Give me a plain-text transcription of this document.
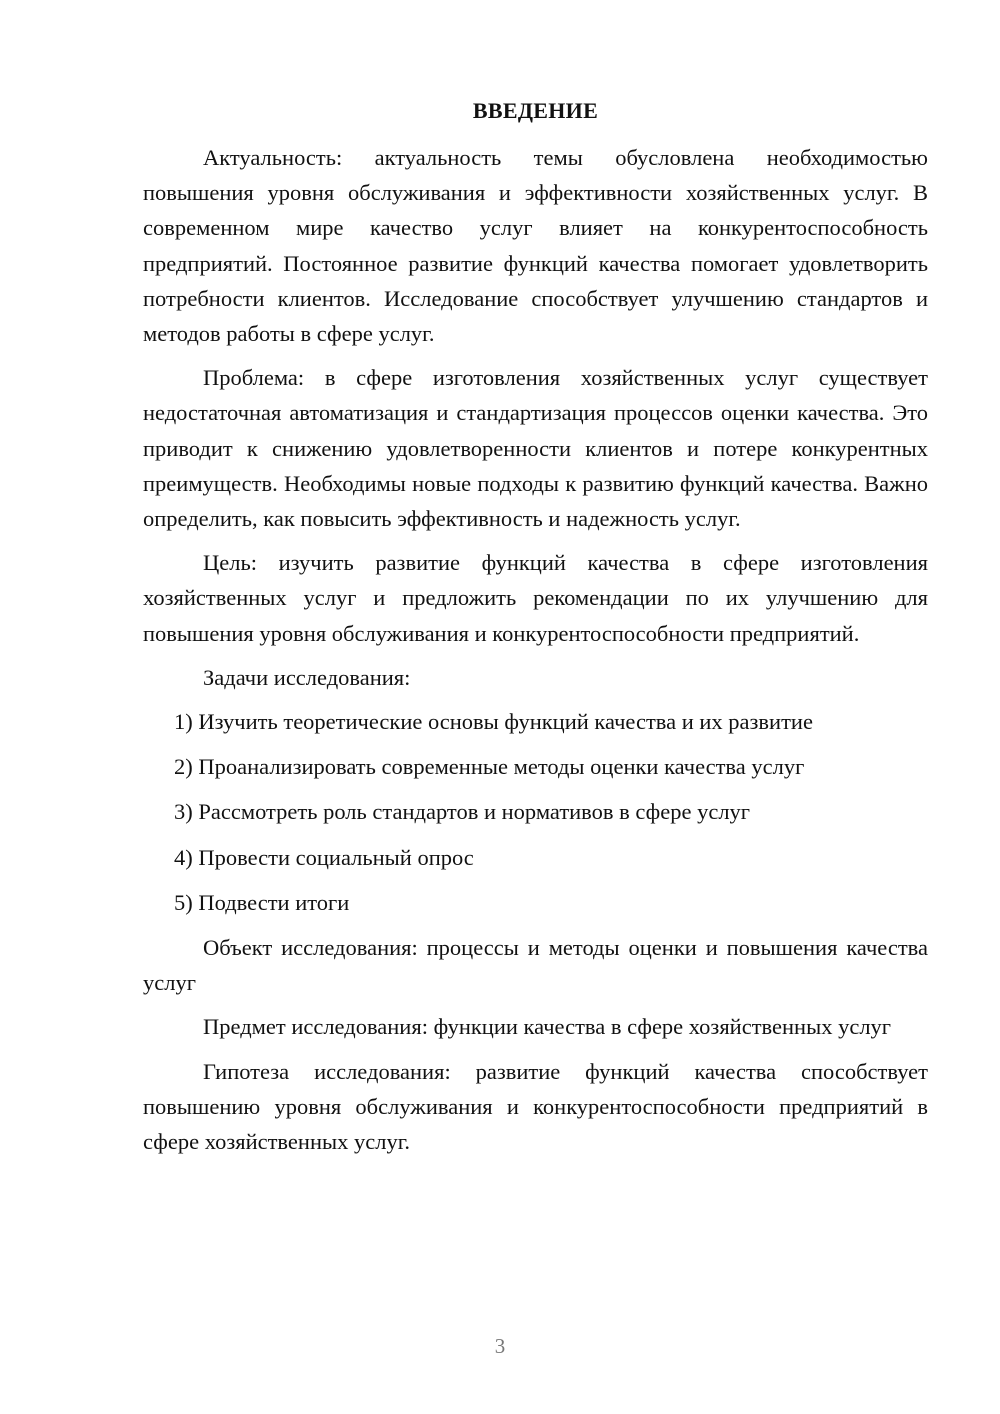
ВВЕДЕНИЕ

Актуальность: актуальность темы обусловлена необходимостью повышения уровня обслуживания и эффективности хозяйственных услуг. В современном мире качество услуг влияет на конкурентоспособность предприятий. Постоянное развитие функций качества помогает удовлетворить потребности клиентов. Исследование способствует улучшению стандартов и методов работы в сфере услуг.

Проблема: в сфере изготовления хозяйственных услуг существует недостаточная автоматизация и стандартизация процессов оценки качества. Это приводит к снижению удовлетворенности клиентов и потере конкурентных преимуществ. Необходимы новые подходы к развитию функций качества. Важно определить, как повысить эффективность и надежность услуг.

Цель: изучить развитие функций качества в сфере изготовления хозяйственных услуг и предложить рекомендации по их улучшению для повышения уровня обслуживания и конкурентоспособности предприятий.

Задачи исследования:

1) Изучить теоретические основы функций качества и их развитие
2) Проанализировать современные методы оценки качества услуг
3) Рассмотреть роль стандартов и нормативов в сфере услуг
4) Провести социальный опрос
5) Подвести итоги

Объект исследования: процессы и методы оценки и повышения качества услуг

Предмет исследования: функции качества в сфере хозяйственных услуг

Гипотеза исследования: развитие функций качества способствует повышению уровня обслуживания и конкурентоспособности предприятий в сфере хозяйственных услуг.

3
